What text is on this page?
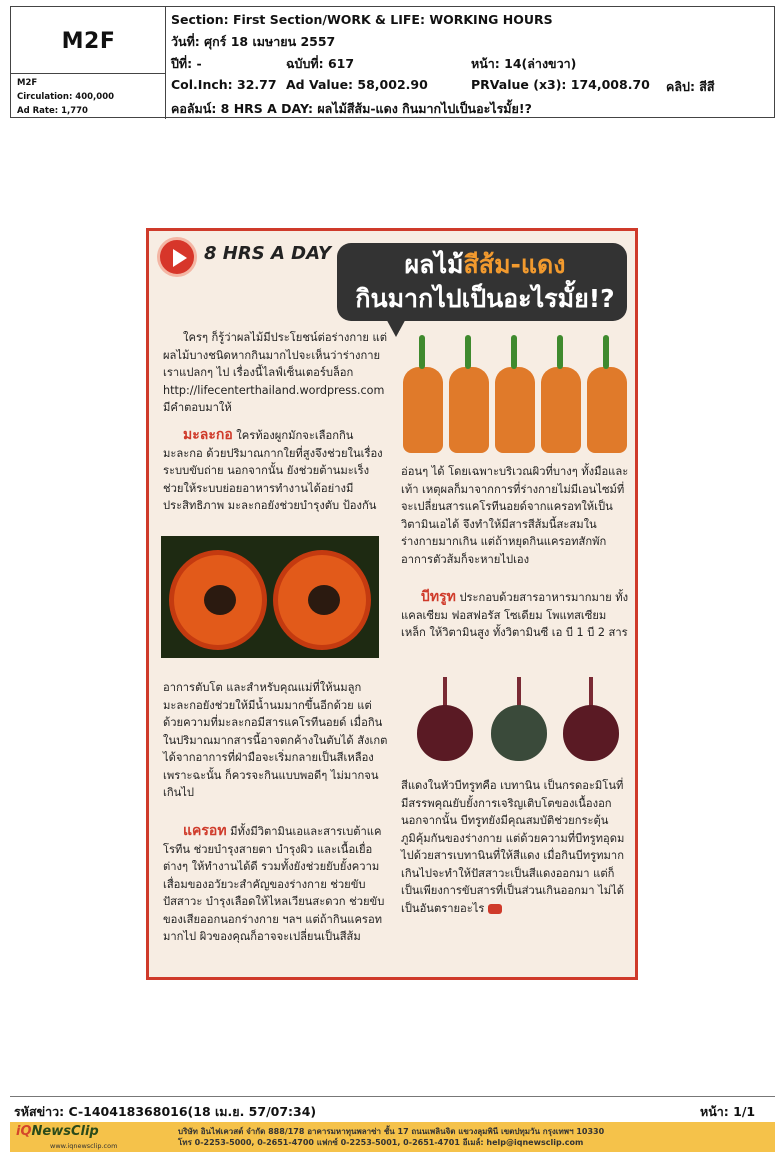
M2F
M2F
Circulation: 400,000
Ad Rate: 1,770
Section: First Section/WORK & LIFE: WORKING HOURS
วันที่: ศุกร์ 18 เมษายน 2557
ปีที่: -	ฉบับที่: 617	หน้า: 14(ล่างขวา)
Col.Inch: 32.77 Ad Value: 58,002.90	PRValue (x3): 174,008.70 คลิป: สีสี
คอลัมน์: 8 HRS A DAY: ผลไม้สีส้ม-แดง กินมากไปเป็นอะไรมั้ย!?
8 HRS A DAY	ผลไม้สีส้ม-แดง
กินมากไปเป็นอะไรมั้ย!?

ใครๆ ก็รู้ว่าผลไม้มีประโยชน์ต่อร่างกาย แต่ผลไม้บางชนิดหากกินมากไปจะเห็นว่าร่างกายเราแปลกๆ ไป เรื่องนี้ไลฟ์เซ็นเตอร์บล็อก http://lifecenterthailand.wordpress.com มีคำตอบมาให้

มะละกอ ใครท้องผูกมักจะเลือกกินมะละกอ ด้วยปริมาณกากใยที่สูงจึงช่วยในเรื่องระบบขับถ่าย นอกจากนั้น ยังช่วยต้านมะเร็ง ช่วยให้ระบบย่อยอาหารทำงานได้อย่างมีประสิทธิภาพ มะละกอยังช่วยบำรุงตับ ป้องกัน

อาการตับโต และสำหรับคุณแม่ที่ให้นมลูก มะละกอยังช่วยให้มีน้ำนมมากขึ้นอีกด้วย แต่ด้วยความที่มะละกอมีสารแคโรทีนอยด์ เมื่อกินในปริมาณมากสารนี้อาจตกค้างในตับได้ สังเกตได้จากอาการที่ฝ่ามือจะเริ่มกลายเป็นสีเหลือง เพราะฉะนั้น ก็ควรจะกินแบบพอดีๆ ไม่มากจนเกินไป

แครอท มีทั้งมีวิตามินเอและสารเบต้าแคโรทีน ช่วยบำรุงสายตา บำรุงผิว และเนื้อเยื่อต่างๆ ให้ทำงานได้ดี รวมทั้งยังช่วยยับยั้งความเสื่อมของอวัยวะสำคัญของร่างกาย ช่วยขับปัสสาวะ บำรุงเลือดให้ไหลเวียนสะดวก ช่วยขับของเสียออกนอกร่างกาย ฯลฯ แต่ถ้ากินแครอทมากไป ผิวของคุณก็อาจจะเปลี่ยนเป็นสีส้ม

อ่อนๆ ได้ โดยเฉพาะบริเวณผิวที่บางๆ ทั้งมือและเท้า เหตุผลก็มาจากการที่ร่างกายไม่มีเอนไซม์ที่จะเปลี่ยนสารแคโรทีนอยด์จากแครอทให้เป็นวิตามินเอได้ จึงทำให้มีสารสีส้มนี้สะสมในร่างกายมากเกิน แต่ถ้าหยุดกินแครอทสักพักอาการตัวส้มก็จะหายไปเอง

บีทรูท ประกอบด้วยสารอาหารมากมาย ทั้งแคลเซียม ฟอสฟอรัส โซเดียม โพแทสเซียม เหล็ก ให้วิตามินสูง ทั้งวิตามินซี เอ บี 1 บี 2 สาร

สีแดงในหัวบีทรูทคือ เบทานิน เป็นกรดอะมิโนที่มีสรรพคุณยับยั้งการเจริญเติบโตของเนื้องอก นอกจากนั้น บีทรูทยังมีคุณสมบัติช่วยกระตุ้นภูมิคุ้มกันของร่างกาย แต่ด้วยความที่บีทรูทอุดมไปด้วยสารเบทานินที่ให้สีแดง เมื่อกินบีทรูทมากเกินไปจะทำให้ปัสสาวะเป็นสีแดงออกมา แต่ก็เป็นเพียงการขับสารที่เป็นส่วนเกินออกมา ไม่ได้เป็นอันตรายอะไร

รหัสข่าว: C-140418368016(18 เม.ย. 57/07:34)	หน้า: 1/1
iQNewsClip
www.iqnewsclip.com
บริษัท อินไฟเควสต์ จำกัด 888/178 อาคารมหาทุนพลาซ่า ชั้น 17 ถนนเพลินจิต แขวงลุมพินี เขตปทุมวัน กรุงเทพฯ 10330
โทร 0-2253-5000, 0-2651-4700 แฟกซ์ 0-2253-5001, 0-2651-4701 อีเมล์: help@iqnewsclip.com
